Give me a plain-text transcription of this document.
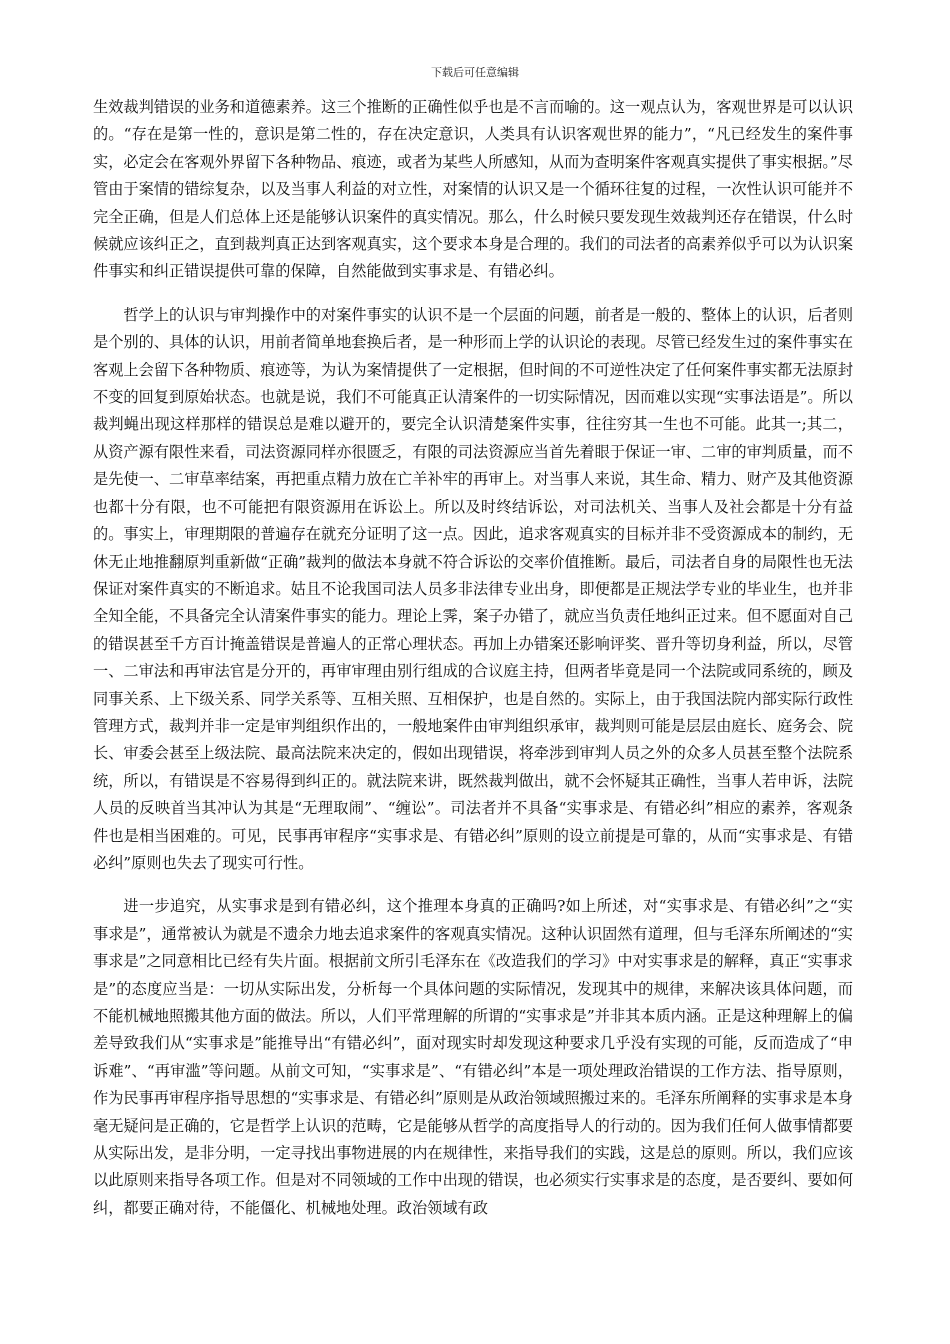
下载后可任意编辑

生效裁判错误的业务和道德素养。这三个推断的正确性似乎也是不言而喻的。这一观点认为，客观世界是可以认识的。“存在是第一性的，意识是第二性的，存在决定意识，人类具有认识客观世界的能力”，“凡已经发生的案件事实，必定会在客观外界留下各种物品、痕迹，或者为某些人所感知，从而为查明案件客观真实提供了事实根据。”尽管由于案情的错综复杂，以及当事人利益的对立性，对案情的认识又是一个循环往复的过程，一次性认识可能并不完全正确，但是人们总体上还是能够认识案件的真实情况。那么，什么时候只要发现生效裁判还存在错误，什么时候就应该纠正之，直到裁判真正达到客观真实，这个要求本身是合理的。我们的司法者的高素养似乎可以为认识案件事实和纠正错误提供可靠的保障，自然能做到实事求是、有错必纠。

哲学上的认识与审判操作中的对案件事实的认识不是一个层面的问题，前者是一般的、整体上的认识，后者则是个别的、具体的认识，用前者简单地套换后者，是一种形而上学的认识论的表现。尽管已经发生过的案件事实在客观上会留下各种物质、痕迹等，为认为案情提供了一定根据，但时间的不可逆性决定了任何案件事实都无法原封不变的回复到原始状态。也就是说，我们不可能真正认清案件的一切实际情况，因而难以实现“实事法语是”。所以裁判蝇出现这样那样的错误总是难以避开的，要完全认识清楚案件实事，往往穷其一生也不可能。此其一;其二，从资产源有限性来看，司法资源同样亦很匮乏，有限的司法资源应当首先着眼于保证一审、二审的审判质量，而不是先使一、二审草率结案，再把重点精力放在亡羊补牢的再审上。对当事人来说，其生命、精力、财产及其他资源也都十分有限，也不可能把有限资源用在诉讼上。所以及时终结诉讼，对司法机关、当事人及社会都是十分有益的。事实上，审理期限的普遍存在就充分证明了这一点。因此，追求客观真实的目标并非不受资源成本的制约，无休无止地推翻原判重新做“正确”裁判的做法本身就不符合诉讼的交率价值推断。最后，司法者自身的局限性也无法保证对案件真实的不断追求。姑且不论我国司法人员多非法律专业出身，即便都是正规法学专业的毕业生，也并非全知全能，不具备完全认清案件事实的能力。理论上霁，案子办错了，就应当负责任地纠正过来。但不愿面对自己的错误甚至千方百计掩盖错误是普遍人的正常心理状态。再加上办错案还影响评奖、晋升等切身利益，所以，尽管一、二审法和再审法官是分开的，再审审理由别行组成的合议庭主持，但两者毕竟是同一个法院或同系统的，顾及同事关系、上下级关系、同学关系等、互相关照、互相保护，也是自然的。实际上，由于我国法院内部实际行政性管理方式，裁判并非一定是审判组织作出的，一般地案件由审判组织承审，裁判则可能是层层由庭长、庭务会、院长、审委会甚至上级法院、最高法院来决定的，假如出现错误，将牵涉到审判人员之外的众多人员甚至整个法院系统，所以，有错误是不容易得到纠正的。就法院来讲，既然裁判做出，就不会怀疑其正确性，当事人若申诉，法院人员的反映首当其冲认为其是“无理取闹”、“缠讼”。司法者并不具备“实事求是、有错必纠”相应的素养，客观条件也是相当困难的。可见，民事再审程序“实事求是、有错必纠”原则的设立前提是可靠的，从而“实事求是、有错必纠”原则也失去了现实可行性。

进一步追究，从实事求是到有错必纠，这个推理本身真的正确吗?如上所述，对“实事求是、有错必纠”之“实事求是”，通常被认为就是不遗余力地去追求案件的客观真实情况。这种认识固然有道理，但与毛泽东所阐述的“实事求是”之同意相比已经有失片面。根据前文所引毛泽东在《改造我们的学习》中对实事求是的解释，真正“实事求是”的态度应当是：一切从实际出发，分析每一个具体问题的实际情况，发现其中的规律，来解决该具体问题，而不能机械地照搬其他方面的做法。所以，人们平常理解的所谓的“实事求是”并非其本质内涵。正是这种理解上的偏差导致我们从“实事求是”能推导出“有错必纠”，面对现实时却发现这种要求几乎没有实现的可能，反而造成了“申诉难”、“再审滥”等问题。从前文可知，“实事求是”、“有错必纠”本是一项处理政治错误的工作方法、指导原则，作为民事再审程序指导思想的“实事求是、有错必纠”原则是从政治领域照搬过来的。毛泽东所阐释的实事求是本身毫无疑问是正确的，它是哲学上认识的范畴，它是能够从哲学的高度指导人的行动的。因为我们任何人做事情都要从实际出发，是非分明，一定寻找出事物进展的内在规律性，来指导我们的实践，这是总的原则。所以，我们应该以此原则来指导各项工作。但是对不同领域的工作中出现的错误，也必须实行实事求是的态度，是否要纠、要如何纠，都要正确对待，不能僵化、机械地处理。政治领域有政
